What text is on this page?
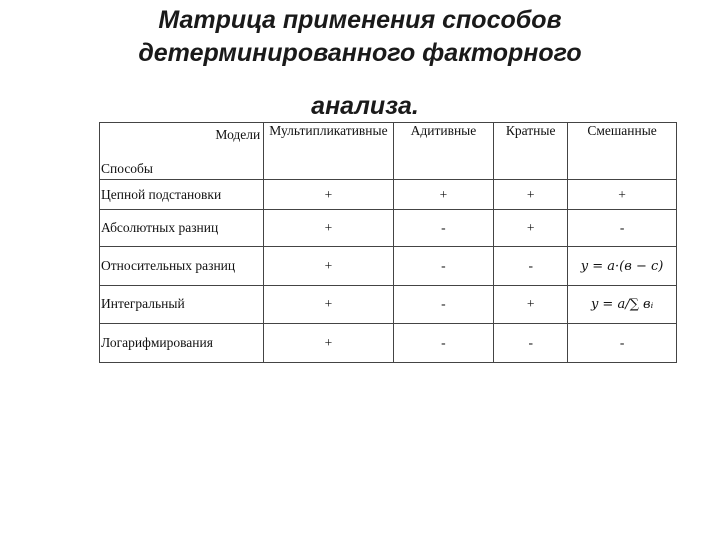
Матрица применения способов
детерминированного факторного
анализа.
Модели
Способы	Мультипликативные	Адитивные	Кратные	Смешанные
Цепной подстановки	+	+	+	+
Абсолютных разниц	+	-	+	-
Относительных разниц	+	-	-	y = a·(в − c)
Интегральный	+	-	+	y = a/∑ вᵢ
Логарифмирования	+	-	-	-
